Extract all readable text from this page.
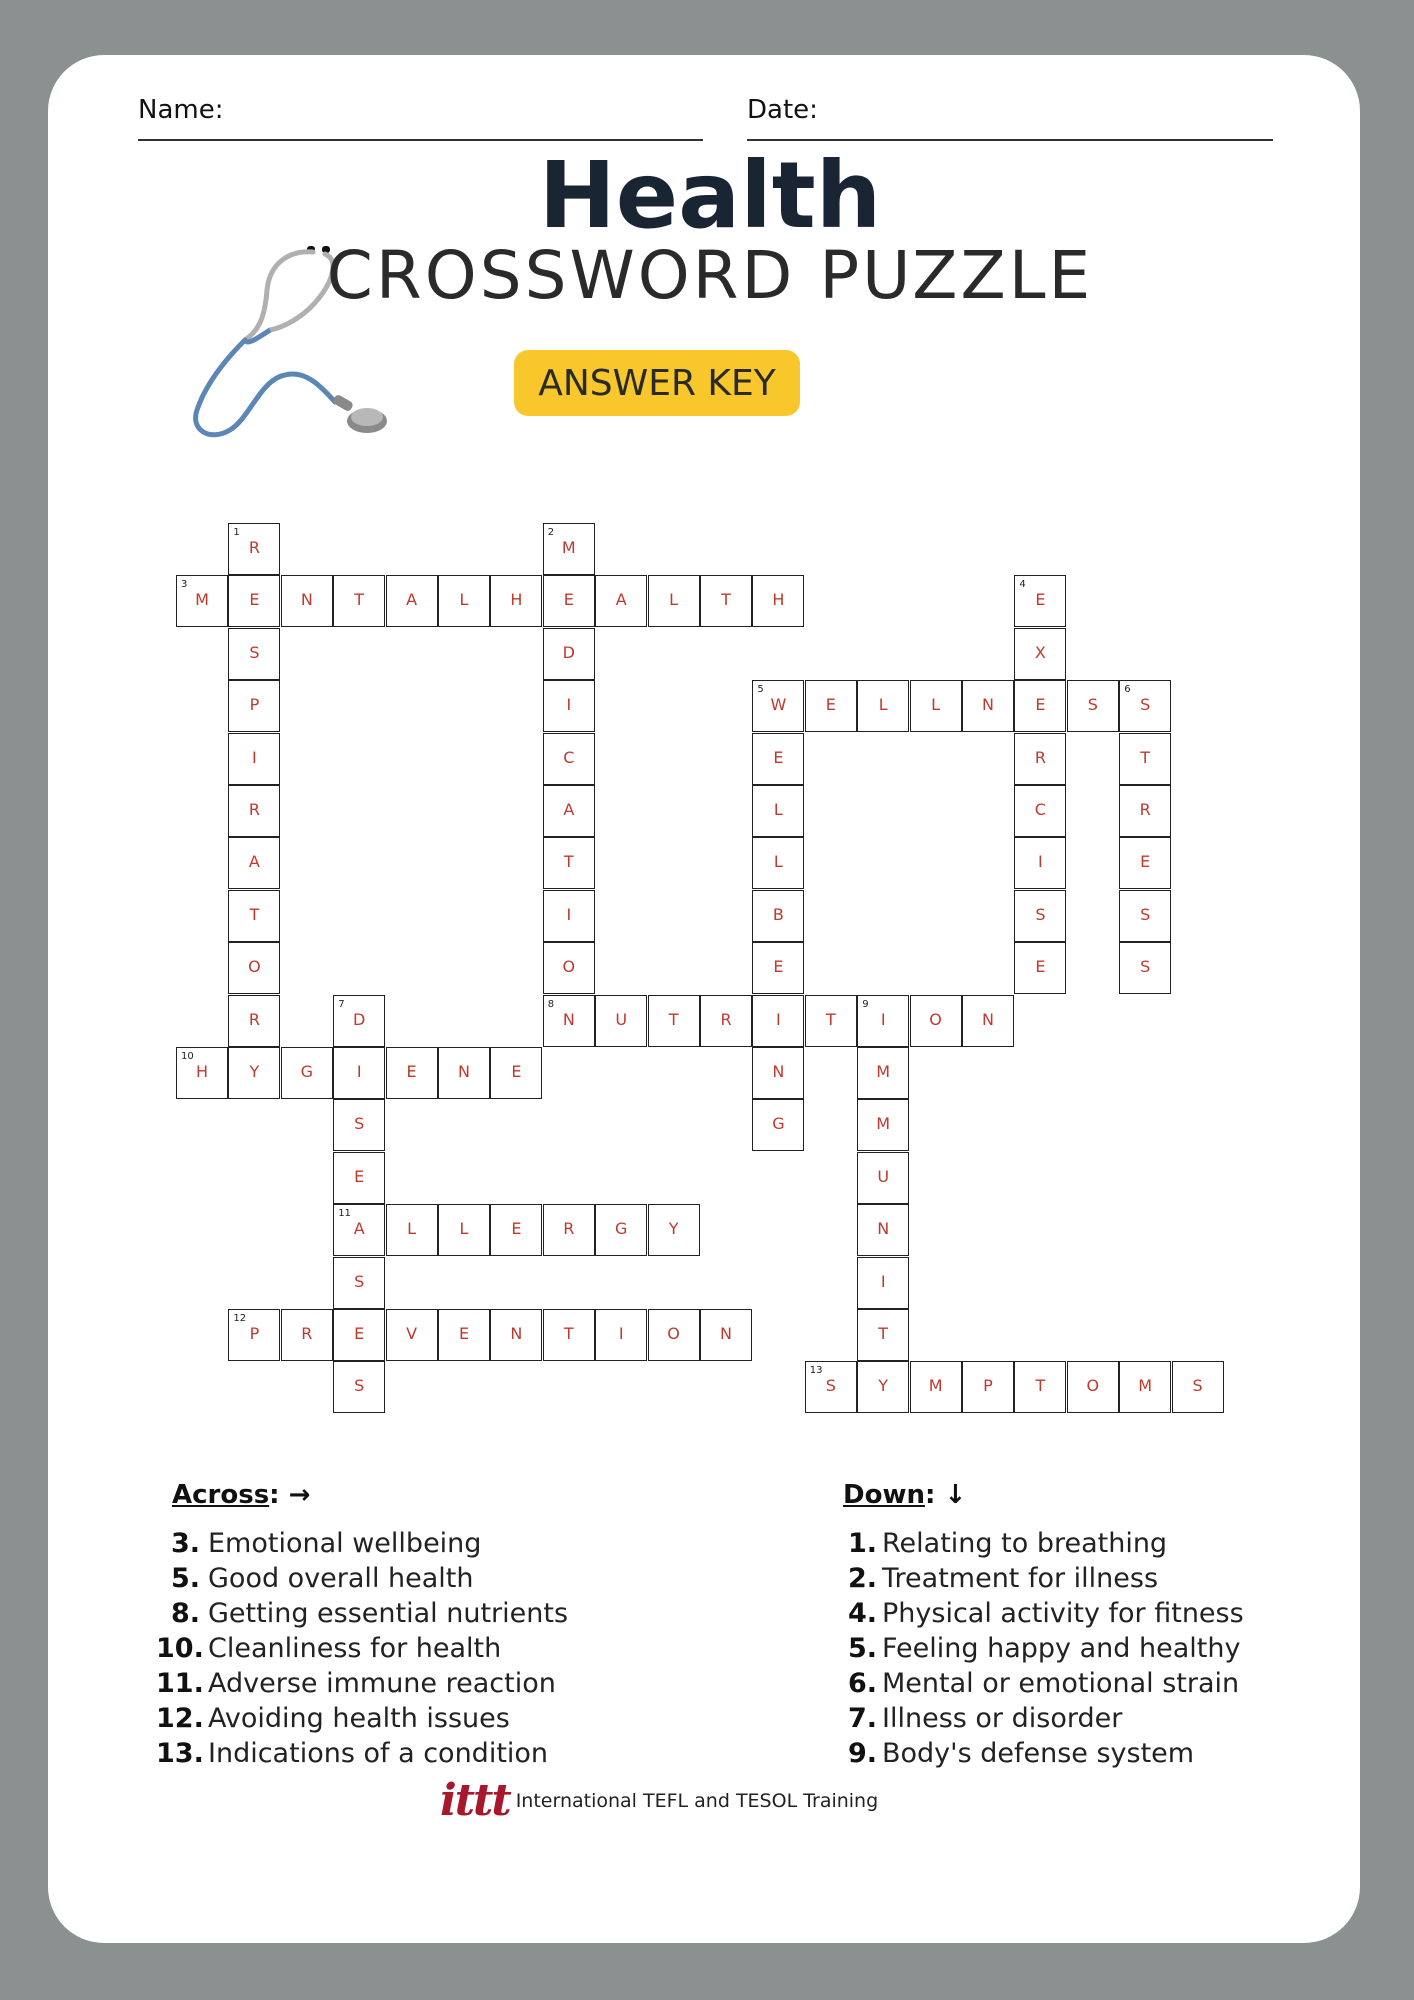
Name:	Date:
Health
CROSSWORD PUZZLE
ANSWER KEY
3
M	E	N	T	A	L	H	E	A	L	T	H
5
W	E	L	L	N	E	S
6
S
8
N	U	T	R	I	T
9
I	O	N
10
H	Y	G	I	E	N	E
11
A	L	L	E	R	G	Y
12
P	R	E	V	E	N	T	I	O	N
13
S	Y	M	P	T	O	M	S
1
R
S
P
I
R
A
T
O
R
2
M
D
I
C
A
T
I
O
4
E
X
R
C
I
S
E
E
L
L
B
E
N
G
T
R
E
S
S
7
D
S
E
S
S
M
M
U
N
I
T
Across: →
3. Emotional wellbeing
5. Good overall health
8. Getting essential nutrients
10. Cleanliness for health
11. Adverse immune reaction
12. Avoiding health issues
13. Indications of a condition
Down: ↓
1. Relating to breathing
2. Treatment for illness
4. Physical activity for fitness
5. Feeling happy and healthy
6. Mental or emotional strain
7. Illness or disorder
9. Body's defense system
ittt International TEFL and TESOL Training
